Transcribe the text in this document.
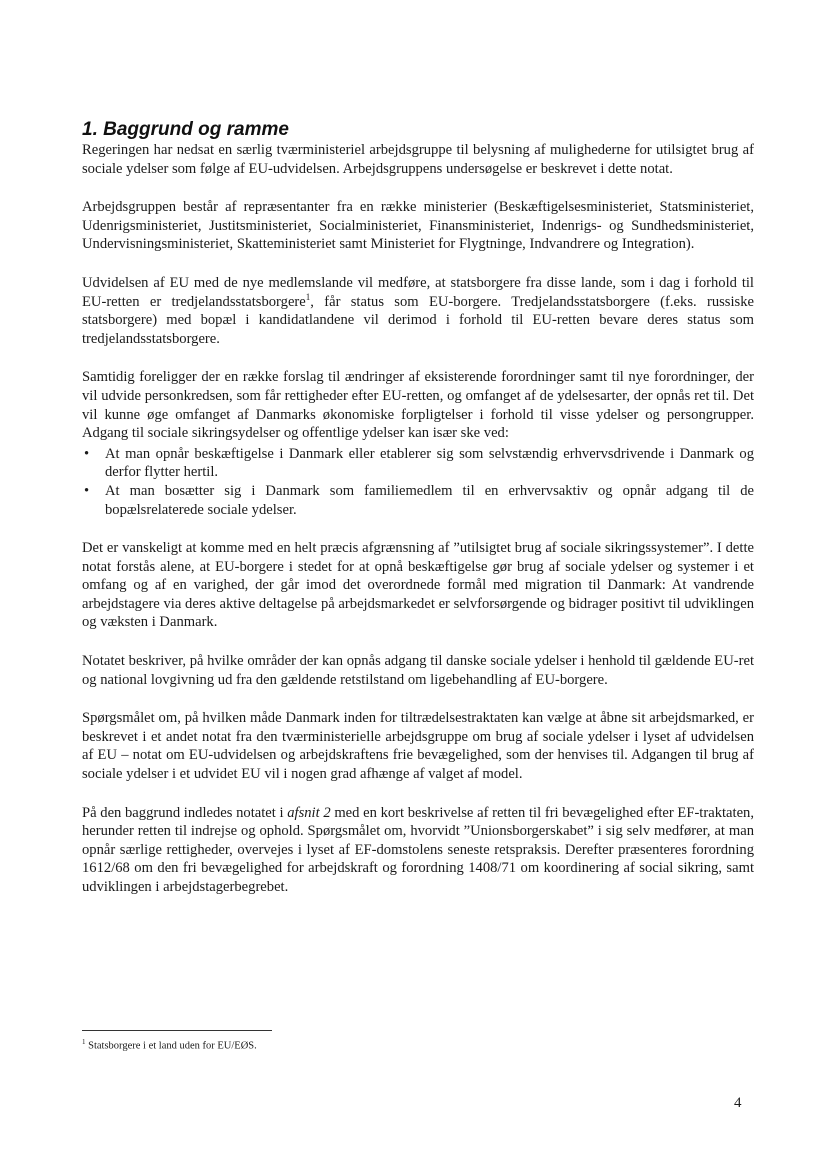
1. Baggrund og ramme

Regeringen har nedsat en særlig tværministeriel arbejdsgruppe til belysning af mulighederne for utilsigtet brug af sociale ydelser som følge af EU-udvidelsen. Arbejdsgruppens undersøgelse er beskrevet i dette notat.

Arbejdsgruppen består af repræsentanter fra en række ministerier (Beskæftigelsesministeriet, Statsministeriet, Udenrigsministeriet, Justitsministeriet, Socialministeriet, Finansministeriet, Indenrigs- og Sundhedsministeriet, Undervisningsministeriet, Skatteministeriet samt Ministeriet for Flygtninge, Indvandrere og Integration).

Udvidelsen af EU med de nye medlemslande vil medføre, at statsborgere fra disse lande, som i dag i forhold til EU-retten er tredjelandsstatsborgere$^1$, får status som EU-borgere. Tredjelandsstatsborgere (f.eks. russiske statsborgere) med bopæl i kandidatlandene vil derimod i forhold til EU-retten bevare deres status som tredjelandsstatsborgere.

Samtidig foreligger der en række forslag til ændringer af eksisterende forordninger samt til nye forordninger, der vil udvide personkredsen, som får rettigheder efter EU-retten, og omfanget af de ydelsesarter, der opnås ret til. Det vil kunne øge omfanget af Danmarks økonomiske forpligtelser i forhold til visse ydelser og persongrupper. Adgang til sociale sikringsydelser og offentlige ydelser kan især ske ved:

• At man opnår beskæftigelse i Danmark eller etablerer sig som selvstændig erhvervsdrivende i Danmark og derfor flytter hertil.
• At man bosætter sig i Danmark som familiemedlem til en erhvervsaktiv og opnår adgang til de bopælsrelaterede sociale ydelser.

Det er vanskeligt at komme med en helt præcis afgrænsning af ”utilsigtet brug af sociale sikringssystemer”. I dette notat forstås alene, at EU-borgere i stedet for at opnå beskæftigelse gør brug af sociale ydelser og systemer i et omfang og af en varighed, der går imod det overordnede formål med migration til Danmark: At vandrende arbejdstagere via deres aktive deltagelse på arbejdsmarkedet er selvforsørgende og bidrager positivt til udviklingen og væksten i Danmark.

Notatet beskriver, på hvilke områder der kan opnås adgang til danske sociale ydelser i henhold til gældende EU-ret og national lovgivning ud fra den gældende retstilstand om ligebehandling af EU-borgere.

Spørgsmålet om, på hvilken måde Danmark inden for tiltrædelsestraktaten kan vælge at åbne sit arbejdsmarked, er beskrevet i et andet notat fra den tværministerielle arbejdsgruppe om brug af sociale ydelser i lyset af udvidelsen af EU – notat om EU-udvidelsen og arbejdskraftens frie bevægelighed, som der henvises til. Adgangen til brug af sociale ydelser i et udvidet EU vil i nogen grad afhænge af valget af model.

På den baggrund indledes notatet i afsnit 2 med en kort beskrivelse af retten til fri bevægelighed efter EF-traktaten, herunder retten til indrejse og ophold. Spørgsmålet om, hvorvidt ”Unionsborgerskabet” i sig selv medfører, at man opnår særlige rettigheder, overvejes i lyset af EF-domstolens seneste retspraksis. Derefter præsenteres forordning 1612/68 om den fri bevægelighed for arbejdskraft og forordning 1408/71 om koordinering af social sikring, samt udviklingen i arbejdstagerbegrebet.

$^1$ Statsborgere i et land uden for EU/EØS.
4
